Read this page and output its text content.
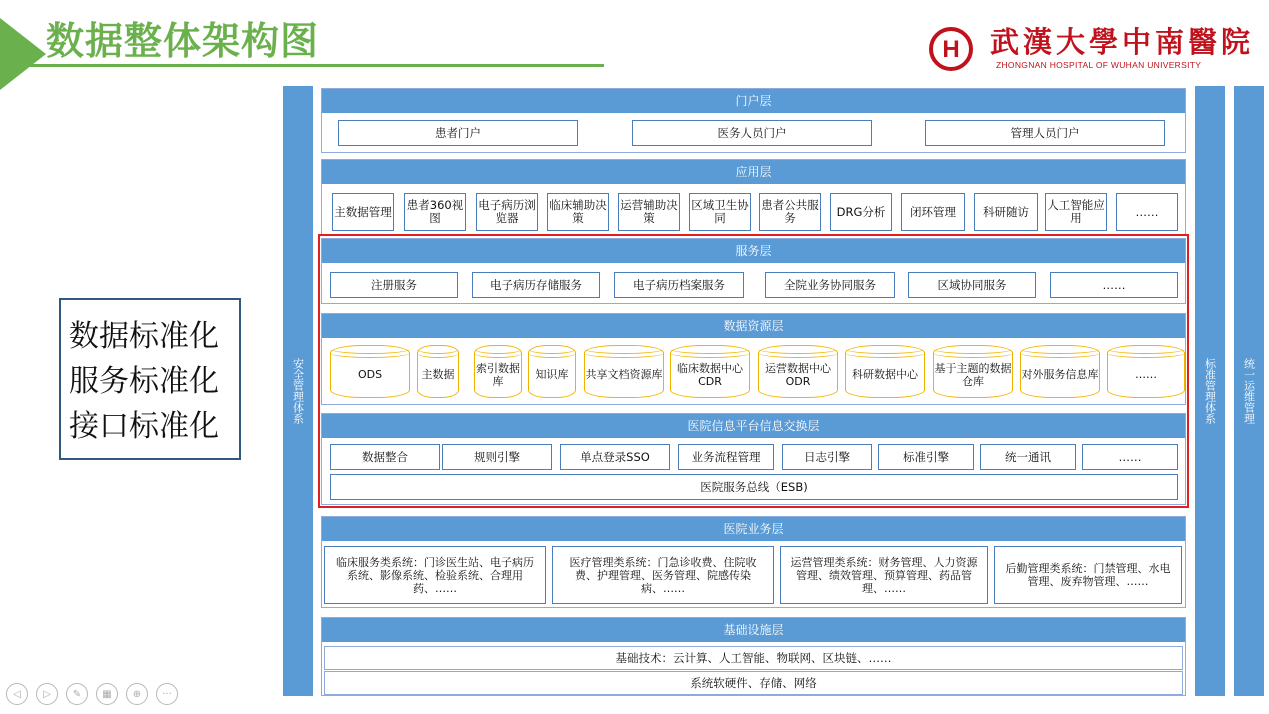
数据整体架构图	H 武漢大學中南醫院
ZHONGNAN HOSPITAL OF WUHAN UNIVERSITY
数据标准化
服务标准化
接口标准化
安全管理体系	标准管理体系	统一运维管理
门户层
患者门户	医务人员门户	管理人员门户
应用层
主数据管理 患者360视图
电子病历浏览器
临床辅助决策
运营辅助决策
区域卫生协同
患者公共服务	DRG分析	闭环管理	科研随访	人工智能应用	……
服务层
注册服务	电子病历存储服务	电子病历档案服务	全院业务协同服务	区域协同服务	……
数据资源层
ODS	主数据	索引数据库	知识库	共享文档资源库	临床数据中心CDR
运营数据中心ODR	科研数据中心	基于主题的数据仓库	对外服务信息库	……
医院信息平台信息交换层
数据整合	规则引擎	单点登录SSO	业务流程管理	日志引擎	标准引擎	统一通讯	……
医院服务总线（ESB)
医院业务层
临床服务类系统：门诊医生站、电子病历系统、影像系统、检验系统、合理用药、……
医疗管理类系统：门急诊收费、住院收费、护理管理、医务管理、院感传染病、……
运营管理类系统：财务管理、人力资源管理、绩效管理、预算管理、药品管理、……
后勤管理类系统：门禁管理、水电管理、废弃物管理、……
基础设施层
基础技术：云计算、人工智能、物联网、区块链、……
系统软硬件、存储、网络
◁	▷	✎	▦	⊕	···
